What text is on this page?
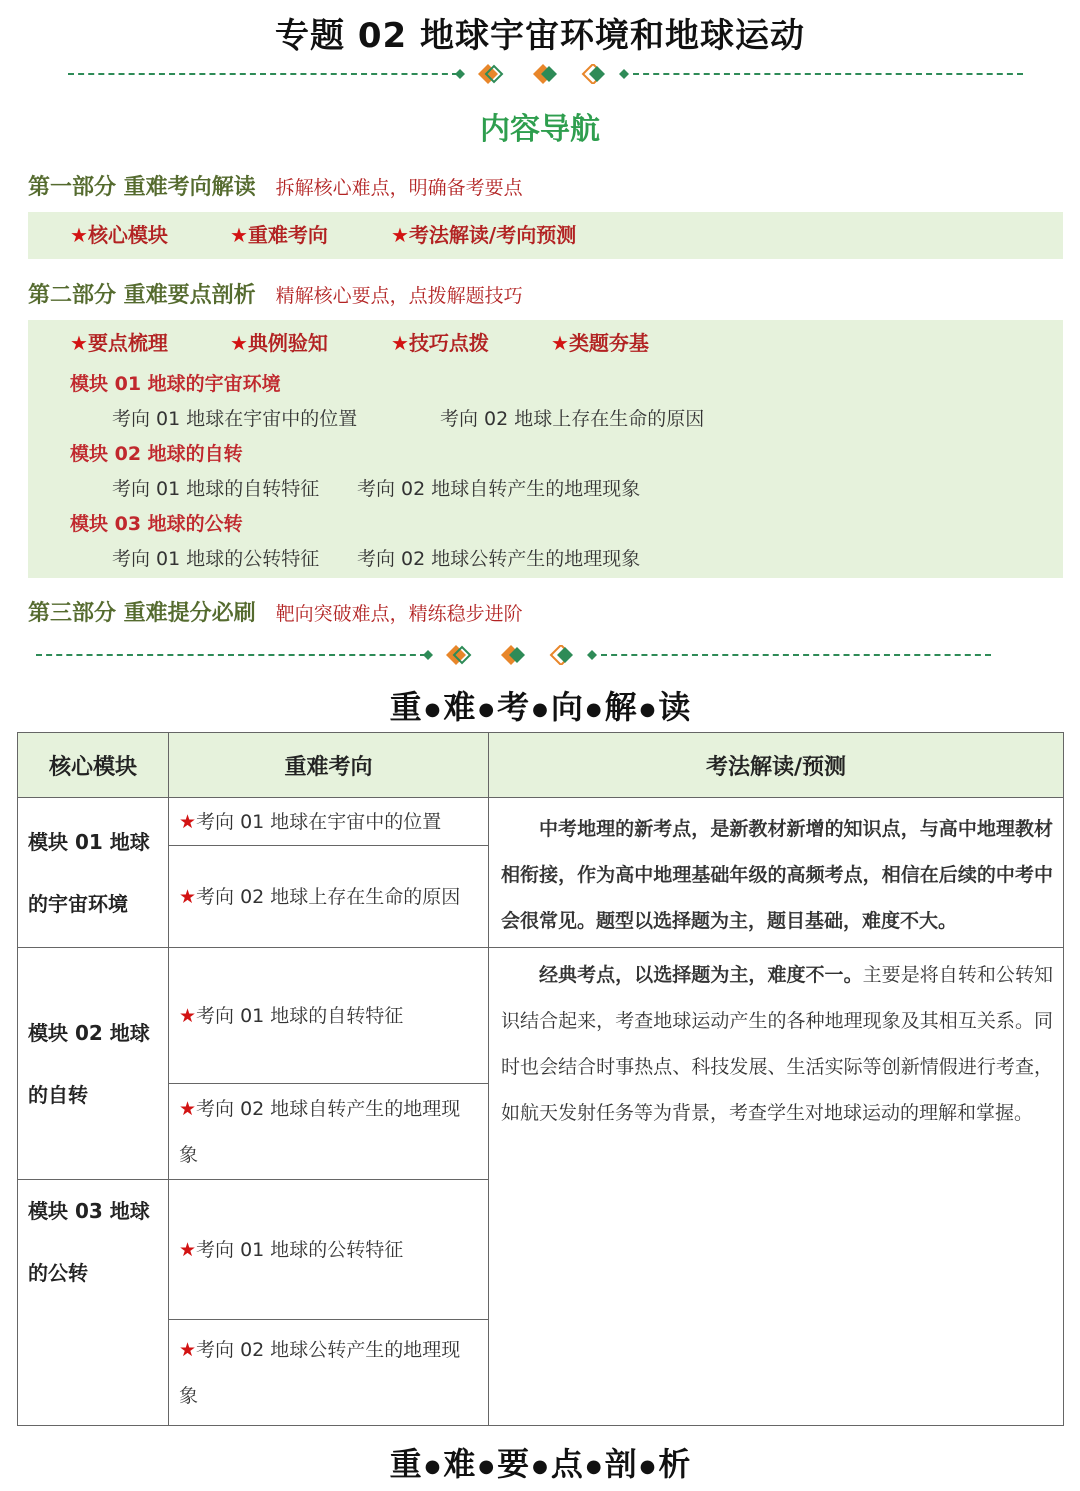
专题 02 地球宇宙环境和地球运动
内容导航
第一部分 重难考向解读 拆解核心难点，明确备考要点
★核心模块	★重难考向	★考法解读/考向预测
第二部分 重难要点剖析 精解核心要点，点拨解题技巧
★要点梳理	★典例验知	★技巧点拨	★类题夯基
模块 01 地球的宇宙环境
考向 01 地球在宇宙中的位置	考向 02 地球上存在生命的原因
模块 02 地球的自转
考向 01 地球的自转特征 考向 02 地球自转产生的地理现象
模块 03 地球的公转
考向 01 地球的公转特征 考向 02 地球公转产生的地理现象
第三部分 重难提分必刷 靶向突破难点，精练稳步进阶
重 ●难 ●考 ●向 ●解 ●读
核心模块	重难考向	考法解读/预测
模块 01 地球的宇宙环境	★考向 01 地球在宇宙中的位置	中考地理的新考点，是新教材新增的知识点，与高中地理教材相衔接，作为高中地理基础年级的高频考点，相信在后续的中考中会很常见。题型以选择题为主，题目基础，难度不大。

	★考向 02 地球上存在生命的原因	
模块 02 地球的自转	★考向 01 地球的自转特征	经典考点，以选择题为主，难度不一。主要是将自转和公转知识结合起来，考查地球运动产生的各种地理现象及其相互关系。同时也会结合时事热点、科技发展、生活实际等创新情假进行考查，如航天发射任务等为背景，考查学生对地球运动的理解和掌握。

	★考向 02 地球自转产生的地理现象	
模块 03 地球的公转	★考向 01 地球的公转特征	
	★考向 02 地球公转产生的地理现象	
重 ●难 ●要 ●点 ●剖 ●析
